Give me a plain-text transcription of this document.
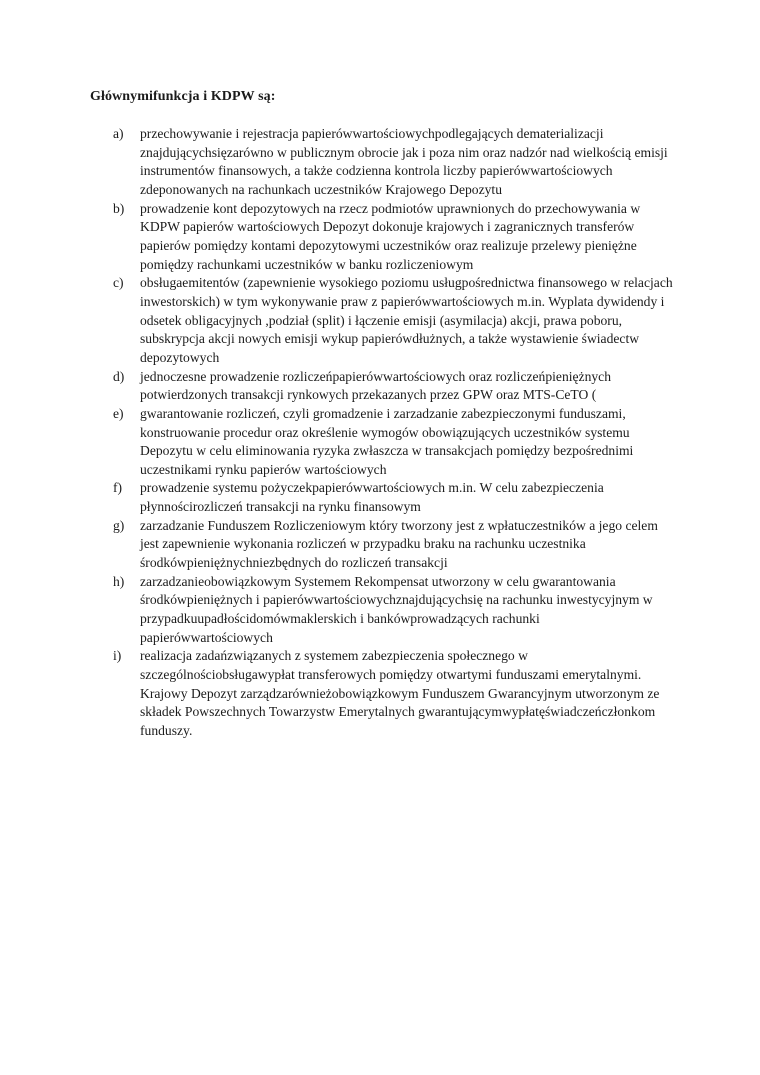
Głównymifunkcja i KDPW są:

a)	przechowywanie i rejestracja papierówwartościowychpodlegających dematerializacji znajdującychsięzarówno w publicznym obrocie jak i poza nim oraz nadzór nad wielkością emisji instrumentów finansowych, a także codzienna kontrola liczby papierówwartościowych zdeponowanych na rachunkach uczestników Krajowego Depozytu
b)	prowadzenie kont depozytowych na rzecz podmiotów uprawnionych do przechowywania w KDPW papierów wartościowych Depozyt dokonuje krajowych i zagranicznych transferów papierów pomiędzy kontami depozytowymi uczestników oraz realizuje przelewy pieniężne pomiędzy rachunkami uczestników w banku rozliczeniowym
c)	obsługaemitentów (zapewnienie wysokiego poziomu usługpośrednictwa finansowego w relacjach inwestorskich) w tym wykonywanie praw z papierówwartościowych m.in. Wyplata dywidendy i odsetek obligacyjnych ,podział (split) i łączenie emisji (asymilacja) akcji, prawa poboru, subskrypcja akcji nowych emisji wykup papierówdłużnych, a także wystawienie świadectw depozytowych
d)	jednoczesne prowadzenie rozliczeńpapierówwartościowych oraz rozliczeńpieniężnych potwierdzonych transakcji rynkowych przekazanych przez GPW oraz MTS-CeTO (
e)	gwarantowanie rozliczeń, czyli gromadzenie i zarzadzanie zabezpieczonymi funduszami, konstruowanie procedur oraz określenie wymogów obowiązujących uczestników systemu Depozytu w celu eliminowania ryzyka zwłaszcza w transakcjach pomiędzy bezpośrednimi uczestnikami rynku papierów wartościowych
f)	prowadzenie systemu pożyczekpapierówwartościowych m.in. W celu zabezpieczenia płynnościrozliczeń transakcji na rynku finansowym
g)	zarzadzanie Funduszem Rozliczeniowym który tworzony jest z wpłatuczestników a jego celem jest zapewnienie wykonania rozliczeń w przypadku braku na rachunku uczestnika środkówpieniężnychniezbędnych do rozliczeń transakcji
h)	zarzadzanieobowiązkowym Systemem Rekompensat utworzony w celu gwarantowania środkówpieniężnych i papierówwartościowychznajdującychsię na rachunku inwestycyjnym w przypadkuupadłościdomówmaklerskich i bankówprowadzących rachunki papierówwartościowych
i)	realizacja zadańzwiązanych z systemem zabezpieczenia społecznego w szczególnościobsługawypłat transferowych pomiędzy otwartymi funduszami emerytalnymi. Krajowy Depozyt zarządzarównieżobowiązkowym Funduszem Gwarancyjnym utworzonym ze składek Powszechnych Towarzystw Emerytalnych gwarantującymwypłatęświadczeńczłonkom funduszy.
